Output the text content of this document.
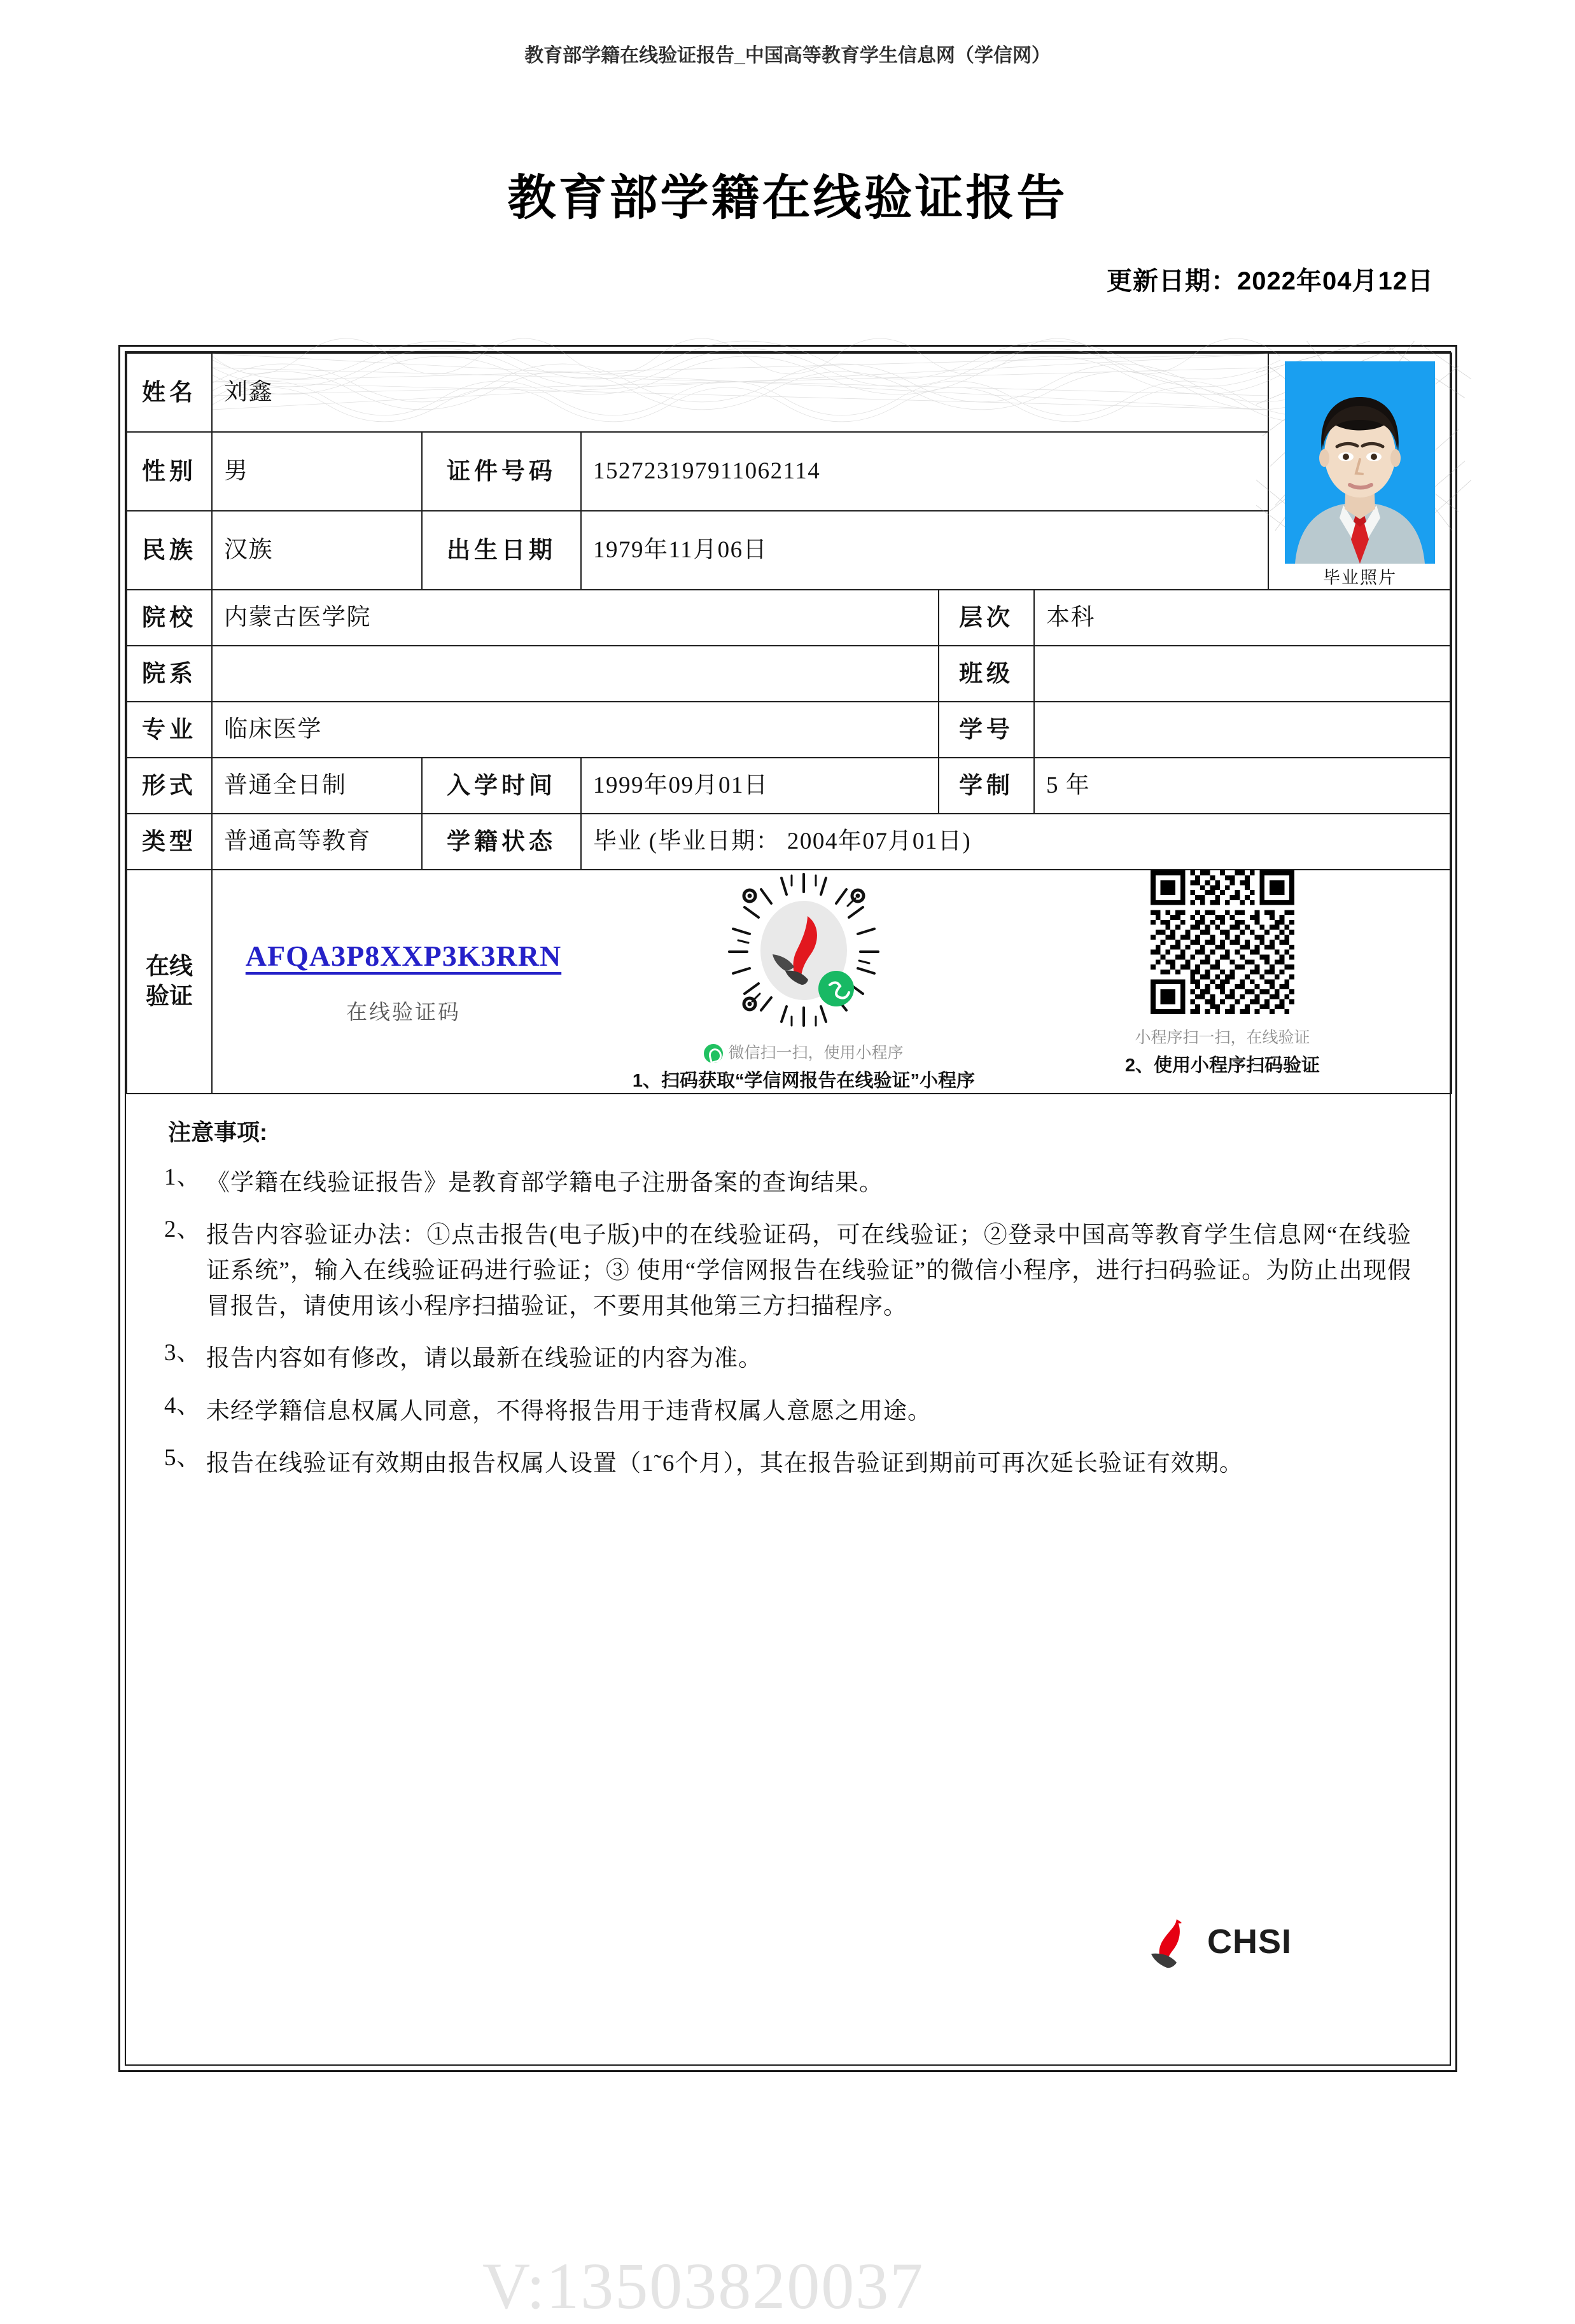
教育部学籍在线验证报告_中国高等教育学生信息网（学信网）
教育部学籍在线验证报告
更新日期：2022年04月12日
姓名	刘鑫					毕业照片

性别	男	证件号码	152723197911062114			
民族	汉族	出生日期	1979年11月06日			
院校	内蒙古医学院			层次	本科	
院系				班级		
专业	临床医学			学号		
形式	普通全日制	入学时间	1999年09月01日	学制	5 年	
类型	普通高等教育	学籍状态	毕业 (毕业日期： 2004年07月01日)			
在线验证	
AFQA3P8XXP3K3RRN
在线验证码
微信扫一扫，使用小程序
1、扫码获取“学信网报告在线验证”小程序
小程序扫一扫，在线验证
2、使用小程序扫码验证
注意事项:
1、 《学籍在线验证报告》是教育部学籍电子注册备案的查询结果。
2、 报告内容验证办法：①点击报告(电子版)中的在线验证码，可在线验证；②登录中国高等教育学生信息网“在线验证系统”，输入在线验证码进行验证；③ 使用“学信网报告在线验证”的微信小程序，进行扫码验证。为防止出现假冒报告，请使用该小程序扫描验证，不要用其他第三方扫描程序。
3、 报告内容如有修改，请以最新在线验证的内容为准。
4、 未经学籍信息权属人同意，不得将报告用于违背权属人意愿之用途。
5、 报告在线验证有效期由报告权属人设置（1˜6个月），其在报告验证到期前可再次延长验证有效期。
V:13503820037
CHSI
